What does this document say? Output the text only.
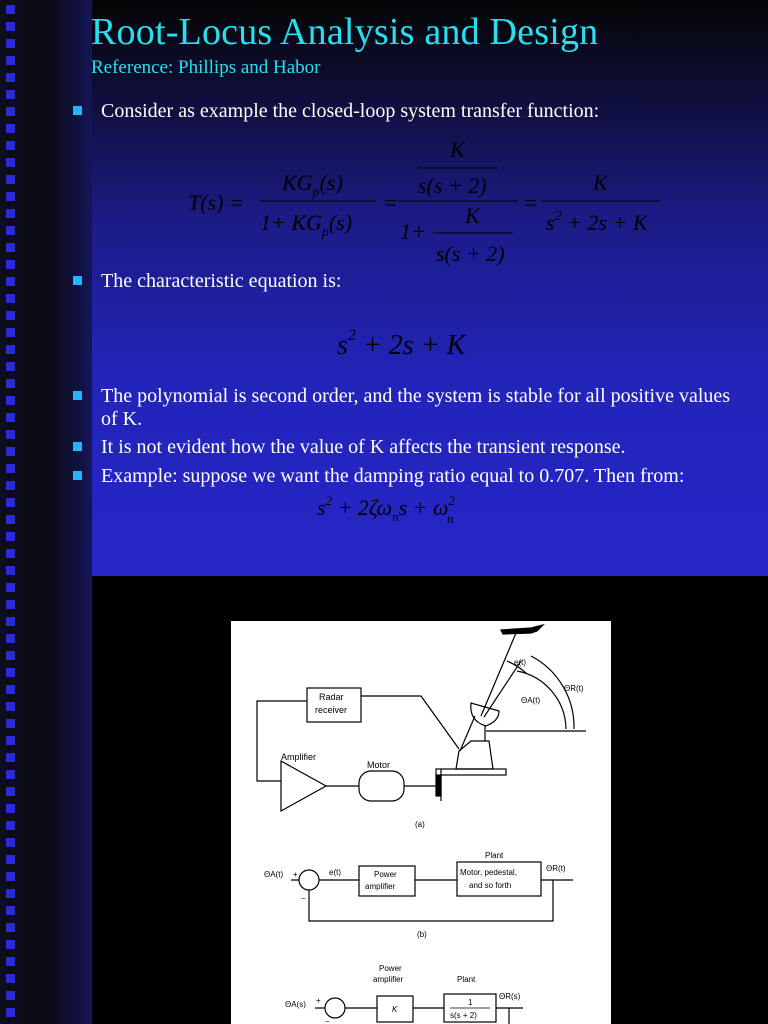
Root-Locus Analysis and Design

Reference: Phillips and Habor

Consider as example the closed-loop system transfer function:
T(s) =
$KG_p(s)$
$1+ KG_p(s)$
=
K
s(s + 2)
1+
K
s(s + 2)
=
K
$s^2 + 2s + K$
The characteristic equation is:
$s^2 + 2s + K$
The polynomial is second order, and the system is stable for all positive values of K.
It is not evident how the value of K affects the transient response.
Example: suppose we want the damping ratio equal to 0.707. Then from:
$s^2 + 2\zeta\omega_ns + \omega^2$ n
Radar
receiver
Amplifier
Motor
(a)
e(t)
ΘA(t)
ΘR(t)
ΘA(t) +
−
e(t)	Power
amplifier
Motor, pedestal,
and so forth
Plant
ΘR(t)
(b)
Power
amplifier	Plant
ΘA(s) +
−
K
1
s(s + 2)
ΘR(s)
